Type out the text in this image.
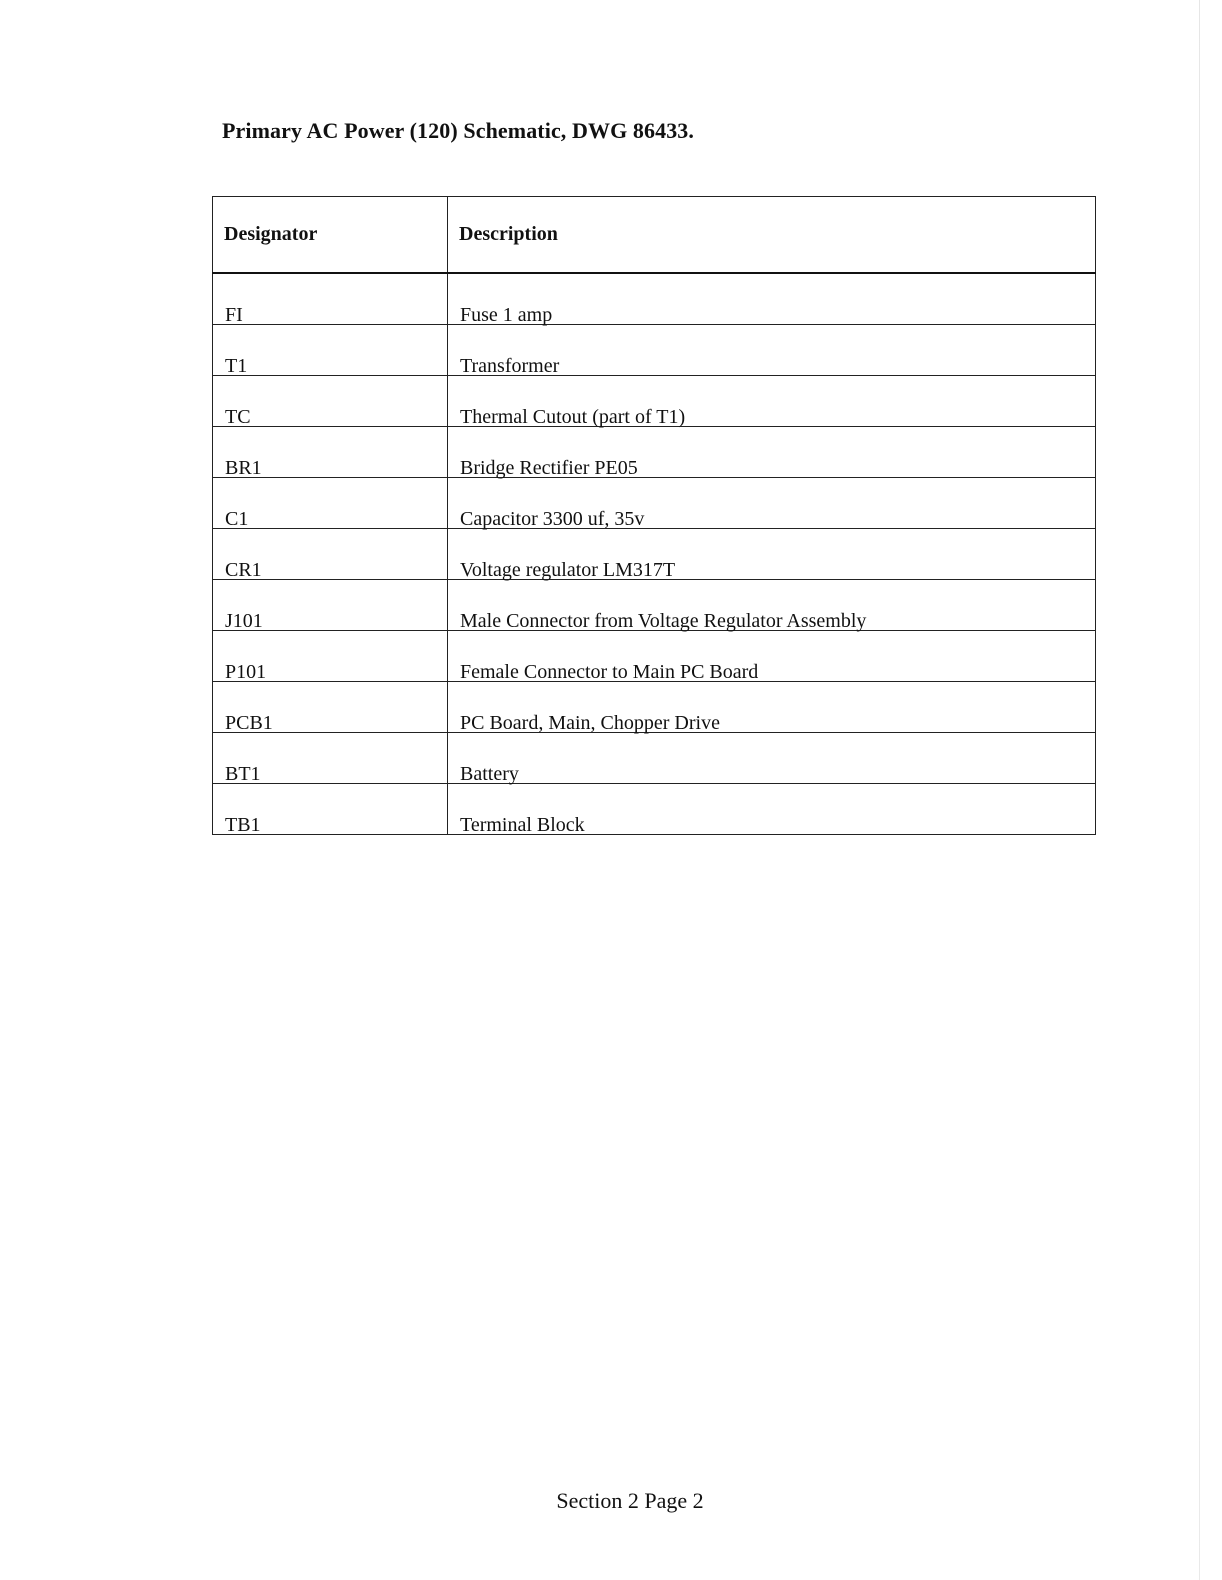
Primary AC Power (120) Schematic, DWG 86433.
Designator	Description
FI	Fuse 1 amp
T1	Transformer
TC	Thermal Cutout (part of T1)
BR1	Bridge Rectifier PE05
C1	Capacitor 3300 uf, 35v
CR1	Voltage regulator LM317T
J101	Male Connector from Voltage Regulator Assembly
P101	Female Connector to Main PC Board
PCB1	PC Board, Main, Chopper Drive
BT1	Battery
TB1	Terminal Block
Section 2 Page 2
